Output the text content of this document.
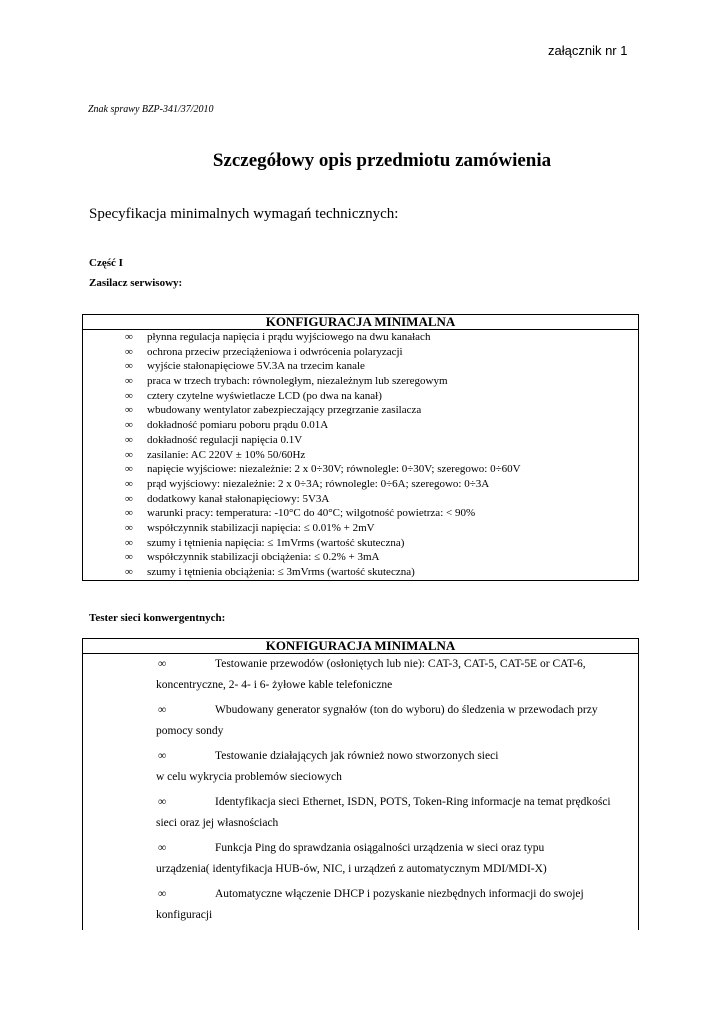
załącznik nr 1
Znak sprawy BZP-341/37/2010
Szczegółowy opis przedmiotu zamówienia
Specyfikacja minimalnych wymagań technicznych:
Część I
Zasilacz serwisowy:
KONFIGURACJA MINIMALNA

∞ płynna regulacja napięcia i prądu wyjściowego na dwu kanałach
∞ ochrona przeciw przeciążeniowa i odwrócenia polaryzacji
∞ wyjście stałonapięciowe 5V.3A na trzecim kanale
∞ praca w trzech trybach: równoległym, niezależnym lub szeregowym
∞ cztery czytelne wyświetlacze LCD (po dwa na kanał)
∞ wbudowany wentylator zabezpieczający przegrzanie zasilacza
∞ dokładność pomiaru poboru prądu 0.01A
∞ dokładność regulacji napięcia 0.1V
∞ zasilanie: AC 220V ± 10% 50/60Hz
∞ napięcie wyjściowe: niezależnie: 2 x 0÷30V; równolegle: 0÷30V; szeregowo: 0÷60V
∞ prąd wyjściowy: niezależnie: 2 x 0÷3A; równolegle: 0÷6A; szeregowo: 0÷3A
∞ dodatkowy kanał stałonapięciowy: 5V3A
∞ warunki pracy: temperatura: -10°C do 40°C; wilgotność powietrza: < 90%
∞ współczynnik stabilizacji napięcia: ≤ 0.01% + 2mV
∞ szumy i tętnienia napięcia: ≤ 1mVrms (wartość skuteczna)
∞ współczynnik stabilizacji obciążenia: ≤ 0.2% + 3mA
∞ szumy i tętnienia obciążenia: ≤ 3mVrms (wartość skuteczna)
Tester sieci konwergentnych:
KONFIGURACJA MINIMALNA

∞	Testowanie przewodów (osłoniętych lub nie): CAT-3, CAT-5, CAT-5E or CAT-6,
koncentryczne, 2- 4- i 6- żyłowe kable telefoniczne
∞	Wbudowany generator sygnałów (ton do wyboru) do śledzenia w przewodach przy
pomocy sondy
∞	Testowanie działających jak również nowo stworzonych sieci
w celu wykrycia problemów sieciowych
∞	Identyfikacja sieci Ethernet, ISDN, POTS, Token-Ring informacje na temat prędkości
sieci oraz jej własnościach
∞	Funkcja Ping do sprawdzania osiągalności urządzenia w sieci oraz typu
urządzenia( identyfikacja HUB-ów, NIC, i urządzeń z automatycznym MDI/MDI-X)
∞	Automatyczne włączenie DHCP i pozyskanie niezbędnych informacji do swojej
konfiguracji
